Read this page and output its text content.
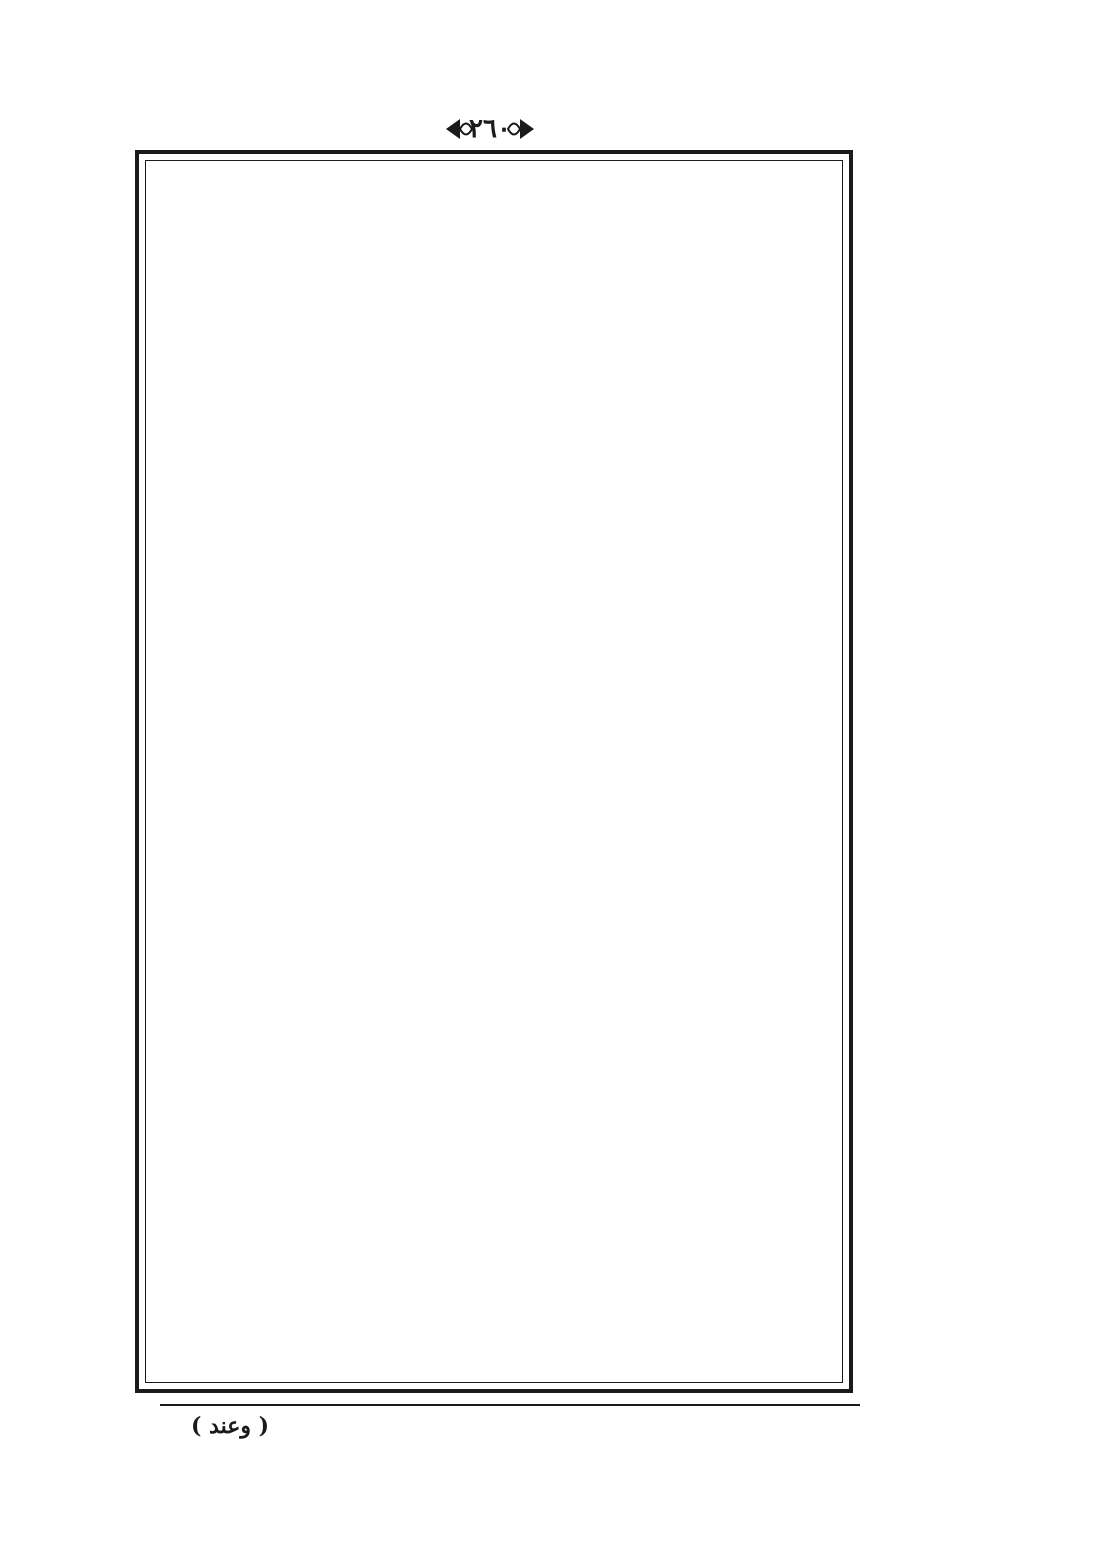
٢٦٠
( وعند )
